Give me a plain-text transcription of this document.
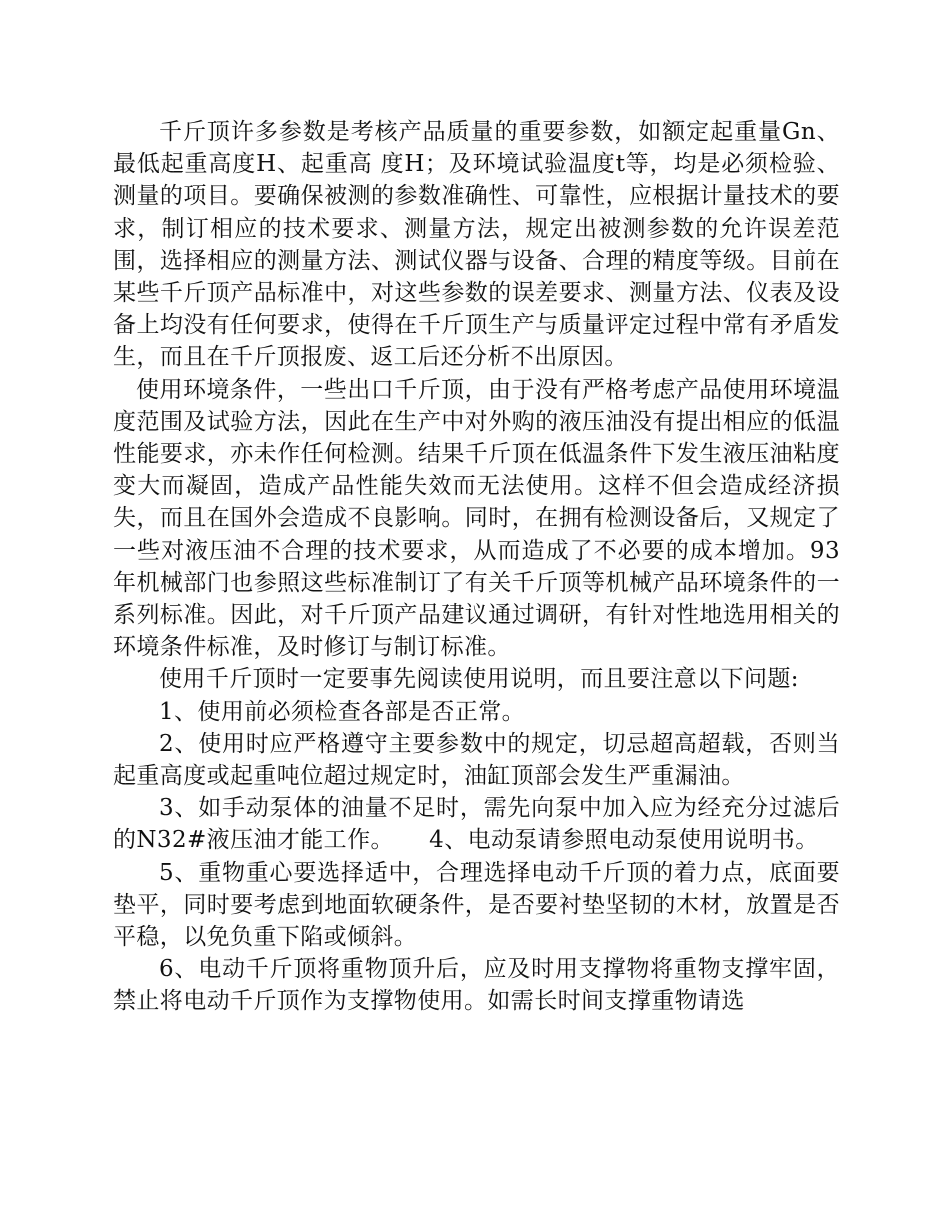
千斤顶许多参数是考核产品质量的重要参数，如额定起重量Gn、最低起重高度H、起重高 度H；及环境试验温度t等，均是必须检验、测量的项目。要确保被测的参数准确性、可靠性，应根据计量技术的要求，制订相应的技术要求、测量方法，规定出被测参数的允许误差范围，选择相应的测量方法、测试仪器与设备、合理的精度等级。目前在某些千斤顶产品标准中，对这些参数的误差要求、测量方法、仪表及设备上均没有任何要求，使得在千斤顶生产与质量评定过程中常有矛盾发生，而且在千斤顶报废、返工后还分析不出原因。

使用环境条件，一些出口千斤顶，由于没有严格考虑产品使用环境温度范围及试验方法，因此在生产中对外购的液压油没有提出相应的低温性能要求，亦未作任何检测。结果千斤顶在低温条件下发生液压油粘度变大而凝固，造成产品性能失效而无法使用。这样不但会造成经济损失，而且在国外会造成不良影响。同时，在拥有检测设备后，又规定了一些对液压油不合理的技术要求，从而造成了不必要的成本增加。93年机械部门也参照这些标准制订了有关千斤顶等机械产品环境条件的一系列标准。因此，对千斤顶产品建议通过调研，有针对性地选用相关的环境条件标准，及时修订与制订标准。

使用千斤顶时一定要事先阅读使用说明，而且要注意以下问题:

1、使用前必须检查各部是否正常。

2、使用时应严格遵守主要参数中的规定，切忌超高超载，否则当起重高度或起重吨位超过规定时，油缸顶部会发生严重漏油。

3、如手动泵体的油量不足时，需先向泵中加入应为经充分过滤后的N32#液压油才能工作。　　4、电动泵请参照电动泵使用说明书。

5、重物重心要选择适中，合理选择电动千斤顶的着力点，底面要垫平，同时要考虑到地面软硬条件，是否要衬垫坚韧的木材，放置是否平稳，以免负重下陷或倾斜。

6、电动千斤顶将重物顶升后，应及时用支撑物将重物支撑牢固，禁止将电动千斤顶作为支撑物使用。如需长时间支撑重物请选
